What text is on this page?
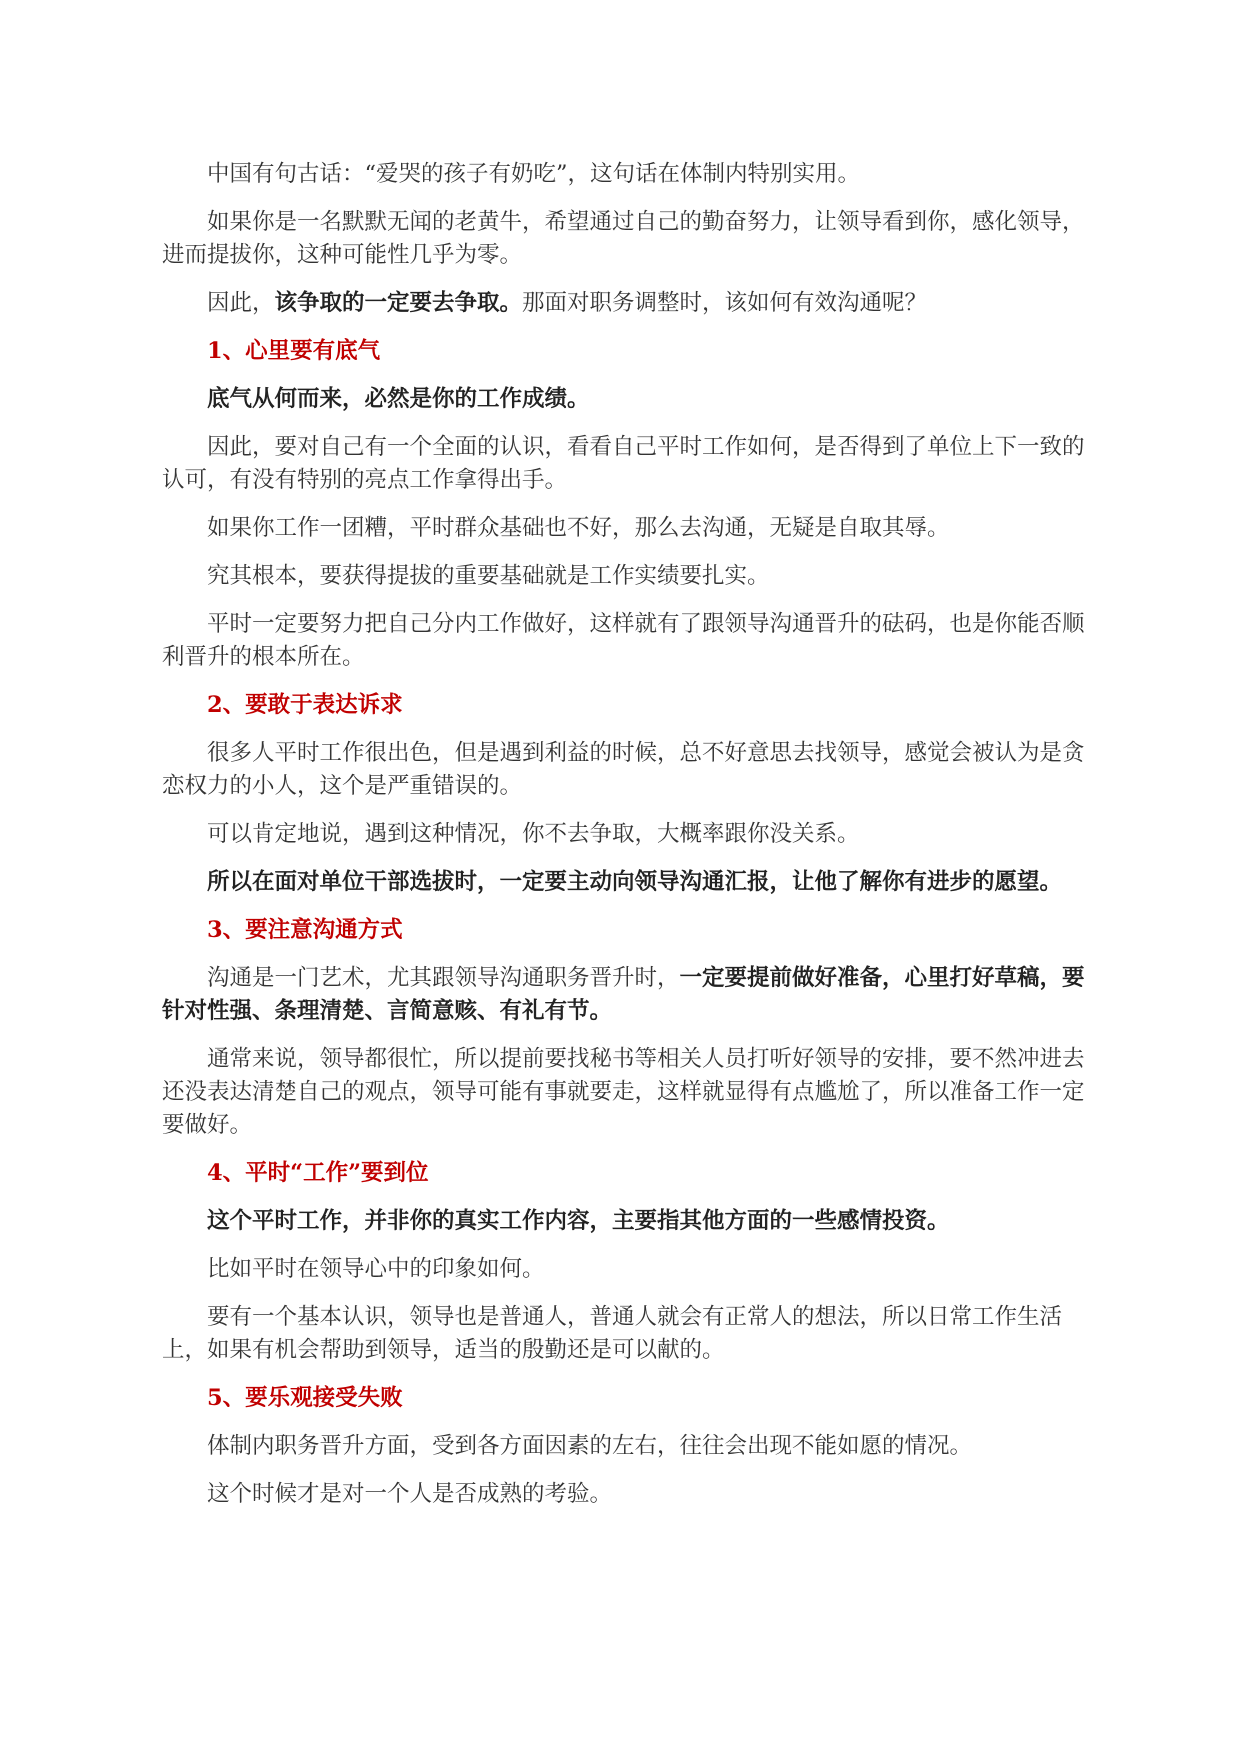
中国有句古话：“爱哭的孩子有奶吃”，这句话在体制内特别实用。

如果你是一名默默无闻的老黄牛，希望通过自己的勤奋努力，让领导看到你，感化领导，进而提拔你，这种可能性几乎为零。

因此，该争取的一定要去争取。那面对职务调整时，该如何有效沟通呢？

1、心里要有底气

底气从何而来，必然是你的工作成绩。

因此，要对自己有一个全面的认识，看看自己平时工作如何，是否得到了单位上下一致的认可，有没有特别的亮点工作拿得出手。

如果你工作一团糟，平时群众基础也不好，那么去沟通，无疑是自取其辱。

究其根本，要获得提拔的重要基础就是工作实绩要扎实。

平时一定要努力把自己分内工作做好，这样就有了跟领导沟通晋升的砝码，也是你能否顺利晋升的根本所在。

2、要敢于表达诉求

很多人平时工作很出色，但是遇到利益的时候，总不好意思去找领导，感觉会被认为是贪恋权力的小人，这个是严重错误的。

可以肯定地说，遇到这种情况，你不去争取，大概率跟你没关系。

所以在面对单位干部选拔时，一定要主动向领导沟通汇报，让他了解你有进步的愿望。

3、要注意沟通方式

沟通是一门艺术，尤其跟领导沟通职务晋升时，一定要提前做好准备，心里打好草稿，要针对性强、条理清楚、言简意赅、有礼有节。

通常来说，领导都很忙，所以提前要找秘书等相关人员打听好领导的安排，要不然冲进去还没表达清楚自己的观点，领导可能有事就要走，这样就显得有点尴尬了，所以准备工作一定要做好。

4、平时“工作”要到位

这个平时工作，并非你的真实工作内容，主要指其他方面的一些感情投资。

比如平时在领导心中的印象如何。

要有一个基本认识，领导也是普通人，普通人就会有正常人的想法，所以日常工作生活上，如果有机会帮助到领导，适当的殷勤还是可以献的。

5、要乐观接受失败

体制内职务晋升方面，受到各方面因素的左右，往往会出现不能如愿的情况。

这个时候才是对一个人是否成熟的考验。
